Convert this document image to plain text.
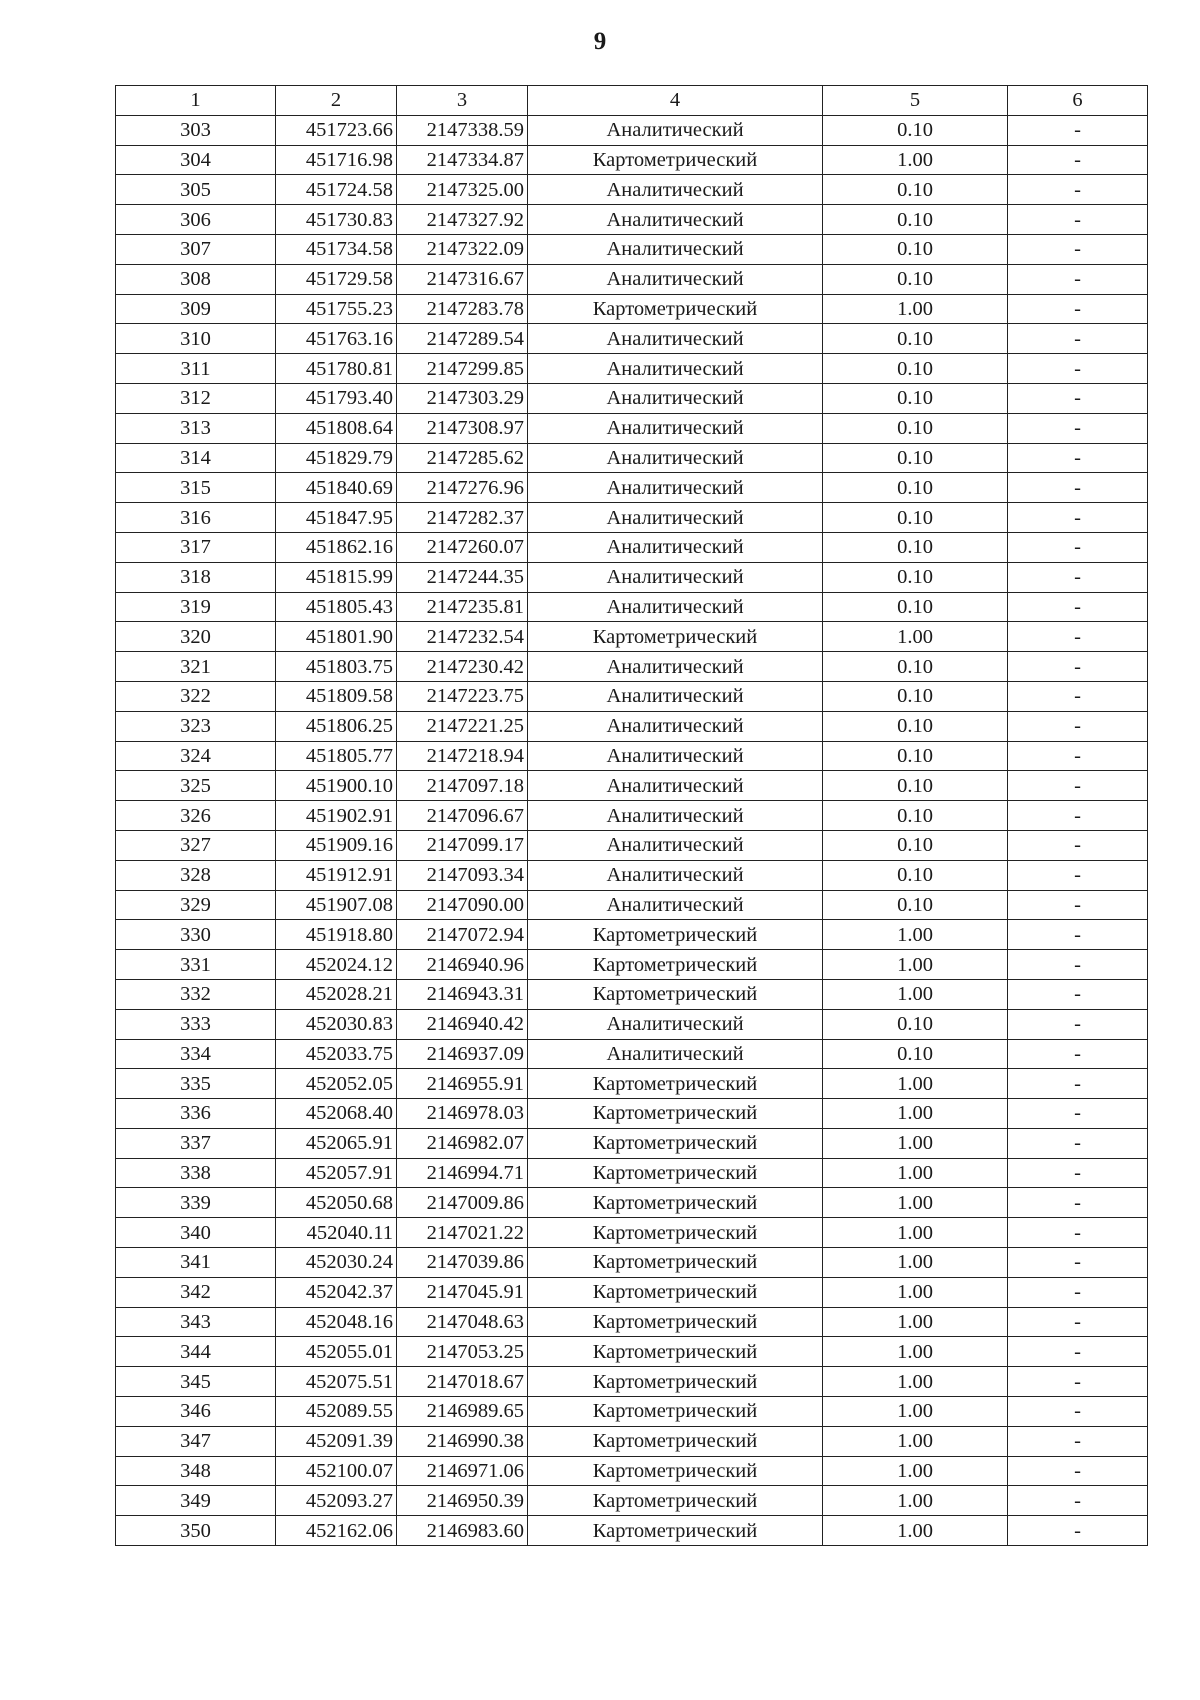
9
1	2	3	4	5	6
303	451723.66	2147338.59	Аналитический	0.10	-
304	451716.98	2147334.87	Картометрический	1.00	-
305	451724.58	2147325.00	Аналитический	0.10	-
306	451730.83	2147327.92	Аналитический	0.10	-
307	451734.58	2147322.09	Аналитический	0.10	-
308	451729.58	2147316.67	Аналитический	0.10	-
309	451755.23	2147283.78	Картометрический	1.00	-
310	451763.16	2147289.54	Аналитический	0.10	-
311	451780.81	2147299.85	Аналитический	0.10	-
312	451793.40	2147303.29	Аналитический	0.10	-
313	451808.64	2147308.97	Аналитический	0.10	-
314	451829.79	2147285.62	Аналитический	0.10	-
315	451840.69	2147276.96	Аналитический	0.10	-
316	451847.95	2147282.37	Аналитический	0.10	-
317	451862.16	2147260.07	Аналитический	0.10	-
318	451815.99	2147244.35	Аналитический	0.10	-
319	451805.43	2147235.81	Аналитический	0.10	-
320	451801.90	2147232.54	Картометрический	1.00	-
321	451803.75	2147230.42	Аналитический	0.10	-
322	451809.58	2147223.75	Аналитический	0.10	-
323	451806.25	2147221.25	Аналитический	0.10	-
324	451805.77	2147218.94	Аналитический	0.10	-
325	451900.10	2147097.18	Аналитический	0.10	-
326	451902.91	2147096.67	Аналитический	0.10	-
327	451909.16	2147099.17	Аналитический	0.10	-
328	451912.91	2147093.34	Аналитический	0.10	-
329	451907.08	2147090.00	Аналитический	0.10	-
330	451918.80	2147072.94	Картометрический	1.00	-
331	452024.12	2146940.96	Картометрический	1.00	-
332	452028.21	2146943.31	Картометрический	1.00	-
333	452030.83	2146940.42	Аналитический	0.10	-
334	452033.75	2146937.09	Аналитический	0.10	-
335	452052.05	2146955.91	Картометрический	1.00	-
336	452068.40	2146978.03	Картометрический	1.00	-
337	452065.91	2146982.07	Картометрический	1.00	-
338	452057.91	2146994.71	Картометрический	1.00	-
339	452050.68	2147009.86	Картометрический	1.00	-
340	452040.11	2147021.22	Картометрический	1.00	-
341	452030.24	2147039.86	Картометрический	1.00	-
342	452042.37	2147045.91	Картометрический	1.00	-
343	452048.16	2147048.63	Картометрический	1.00	-
344	452055.01	2147053.25	Картометрический	1.00	-
345	452075.51	2147018.67	Картометрический	1.00	-
346	452089.55	2146989.65	Картометрический	1.00	-
347	452091.39	2146990.38	Картометрический	1.00	-
348	452100.07	2146971.06	Картометрический	1.00	-
349	452093.27	2146950.39	Картометрический	1.00	-
350	452162.06	2146983.60	Картометрический	1.00	-
